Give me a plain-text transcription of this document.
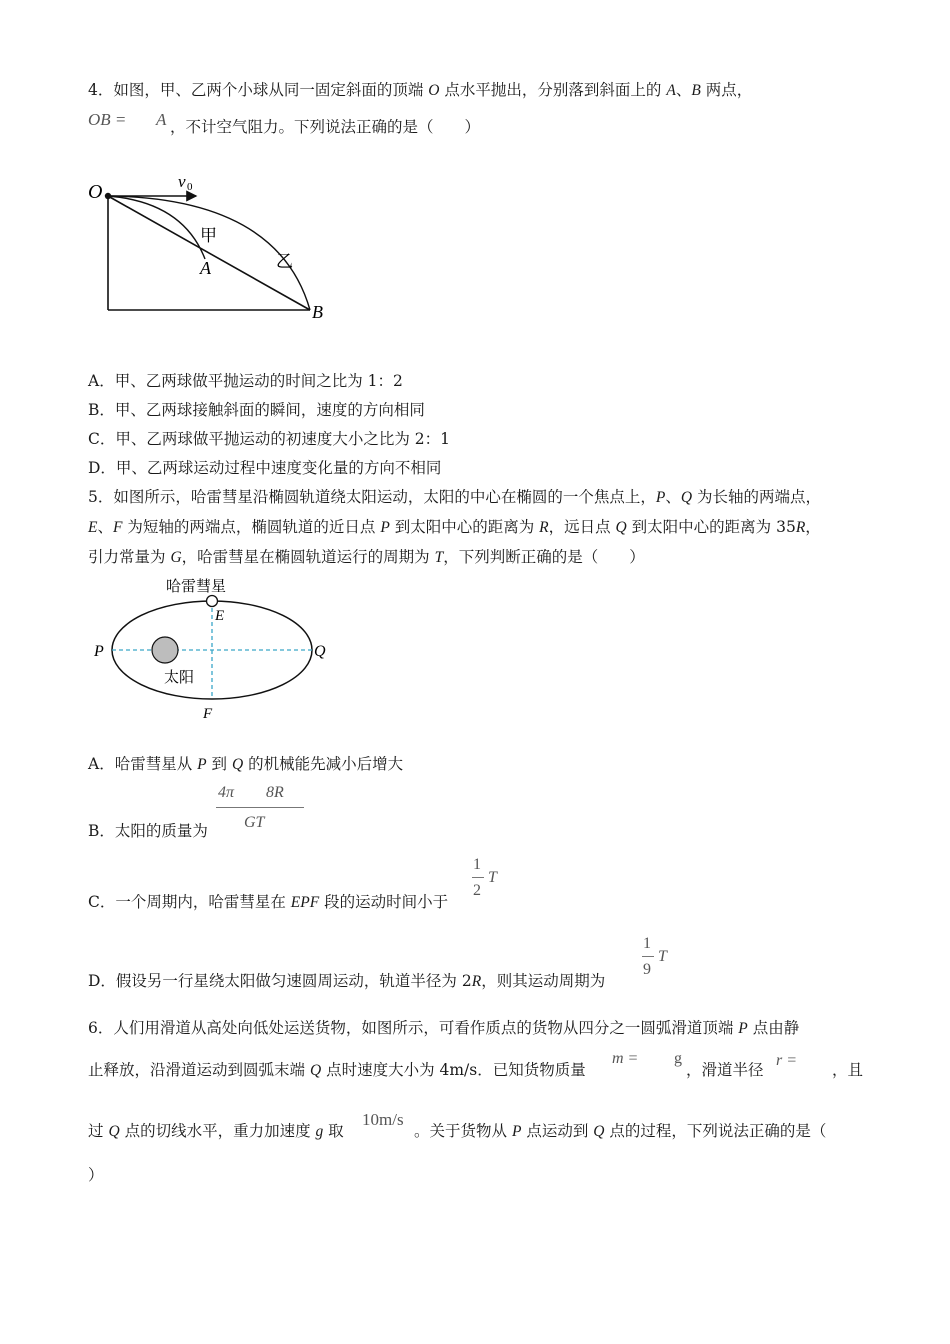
4．如图，甲、乙两个小球从同一固定斜面的顶端 O 点水平抛出，分别落到斜面上的 A、B 两点，
OB = A ，不计空气阻力。下列说法正确的是（　　）
O	v 0
甲
A	乙
B
A．甲、乙两球做平抛运动的时间之比为 1：2
B．甲、乙两球接触斜面的瞬间，速度的方向相同
C．甲、乙两球做平抛运动的初速度大小之比为 2：1
D．甲、乙两球运动过程中速度变化量的方向不相同
5．如图所示，哈雷彗星沿椭圆轨道绕太阳运动，太阳的中心在椭圆的一个焦点上，P、Q 为长轴的两端点，
E、F 为短轴的两端点，椭圆轨道的近日点 P 到太阳中心的距离为 R，远日点 Q 到太阳中心的距离为 35R，
引力常量为 G，哈雷彗星在椭圆轨道运行的周期为 T，下列判断正确的是（　　）
哈雷彗星
E
P	Q
太阳
F
A．哈雷彗星从 P 到 Q 的机械能先减小后增大
B．太阳的质量为
4π 8R
GT
C．一个周期内，哈雷彗星在 EPF 段的运动时间小于
1
2
T
D．假设另一行星绕太阳做匀速圆周运动，轨道半径为 2R，则其运动周期为
1
9
T
6．人们用滑道从高处向低处运送货物，如图所示，可看作质点的货物从四分之一圆弧滑道顶端 P 点由静
止释放，沿滑道运动到圆弧末端 Q 点时速度大小为 4m/s．已知货物质量
m = g
，滑道半径
r =
，且
过 Q 点的切线水平，重力加速度 g 取
10m/s
。关于货物从 P 点运动到 Q 点的过程，下列说法正确的是（
）
